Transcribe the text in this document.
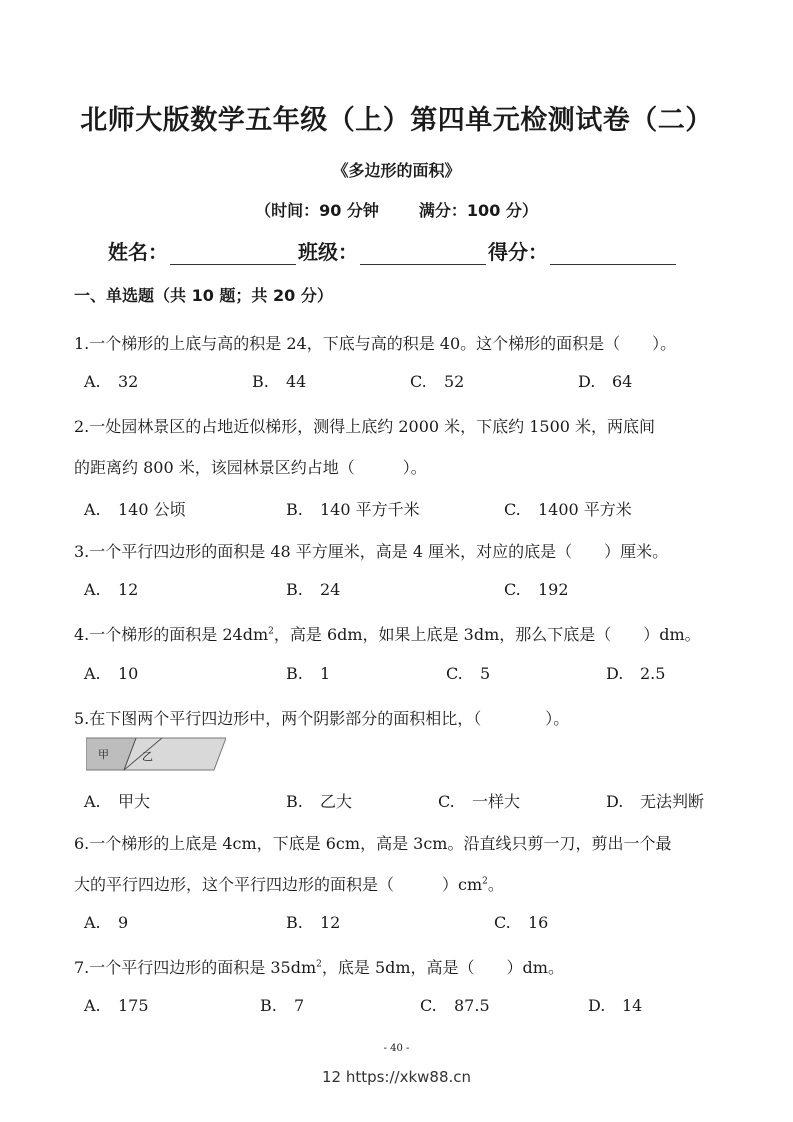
北师大版数学五年级（上）第四单元检测试卷（二）
《多边形的面积》
（时间：90 分钟	满分：100 分）
姓名：	班级：	得分：
一、单选题（共 10 题；共 20 分）
1.一个梯形的上底与高的积是 24，下底与高的积是 40。这个梯形的面积是（　　）。
A. 32	B. 44	C. 52	D. 64
2.一处园林景区的占地近似梯形，测得上底约 2000 米，下底约 1500 米，两底间
的距离约 800 米，该园林景区约占地（　　　）。
A. 140 公顷	B. 140 平方千米	C. 1400 平方米
3.一个平行四边形的面积是 48 平方厘米，高是 4 厘米，对应的底是（　　）厘米。
A. 12	B. 24	C. 192
4.一个梯形的面积是 $24dm^2$，高是 6dm，如果上底是 3dm，那么下底是（　　）dm。
A. 10	B. 1	C. 5	D. 2.5
5.在下图两个平行四边形中，两个阴影部分的面积相比，（　　　　）。
甲	乙
A. 甲大	B. 乙大	C. 一样大	D. 无法判断
6.一个梯形的上底是 4cm，下底是 6cm，高是 3cm。沿直线只剪一刀，剪出一个最
大的平行四边形，这个平行四边形的面积是（　　　）$cm^2$。
A. 9	B. 12	C. 16
7.一个平行四边形的面积是 $35dm^2$，底是 5dm，高是（　　）dm。
A. 175	B. 7	C. 87.5	D. 14
- 40 -
12 https://xkw88.cn
